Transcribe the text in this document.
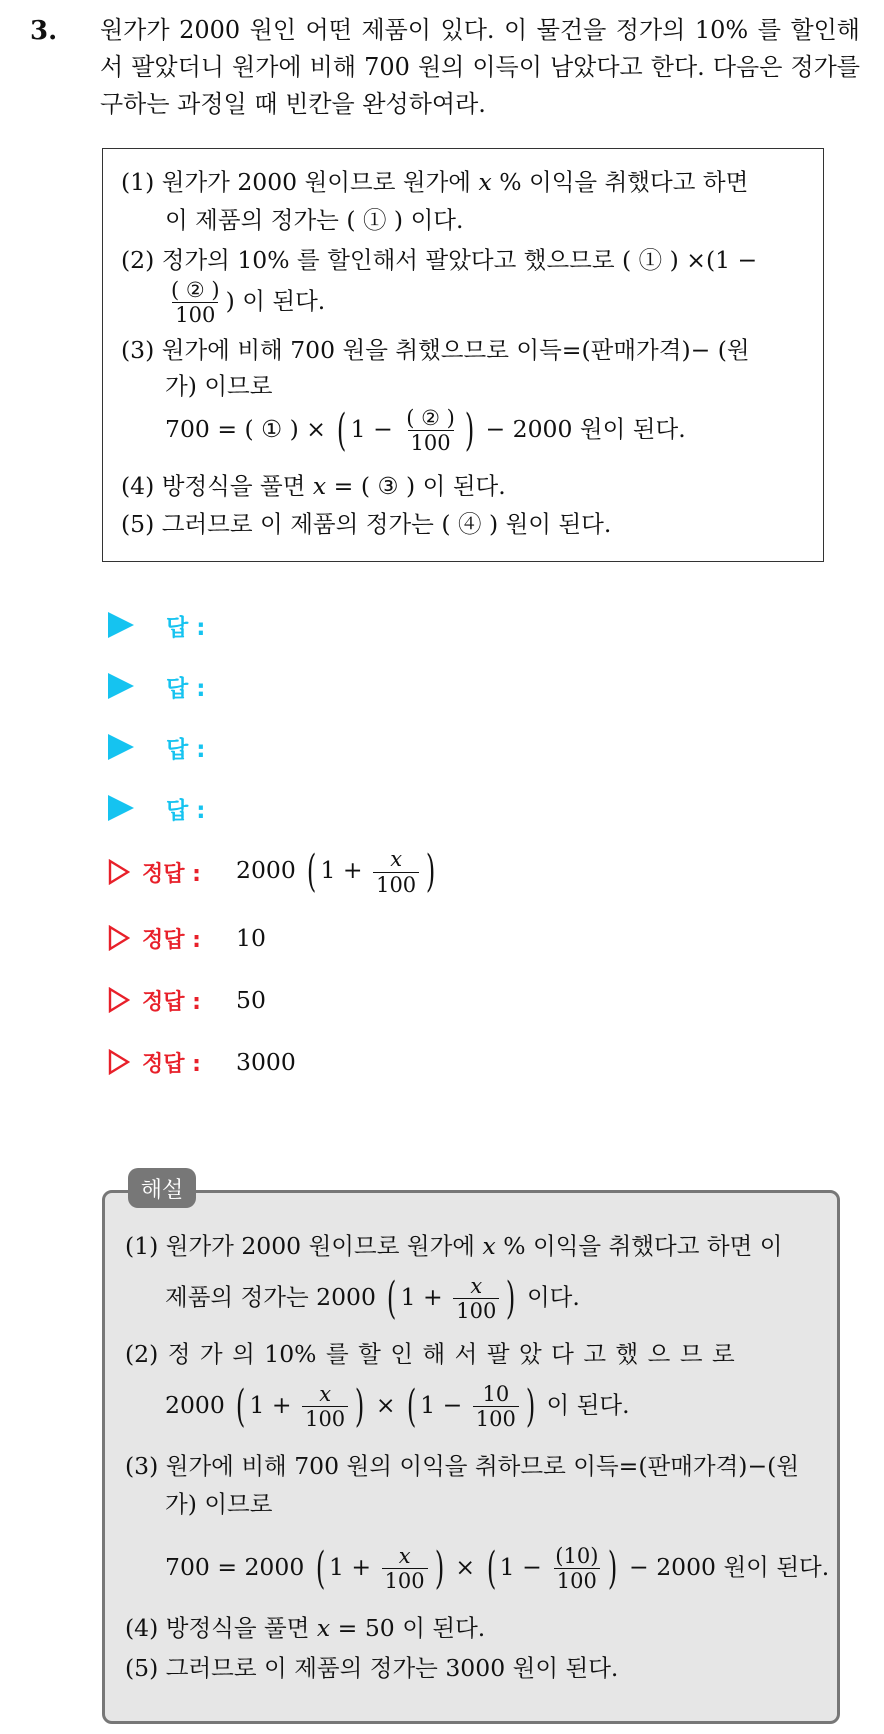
3. 원가가 2000 원인 어떤 제품이 있다. 이 물건을 정가의 10% 를 할인해서 팔았더니 원가에 비해 700 원의 이득이 남았다고 한다. 다음은 정가를 구하는 과정일 때 빈칸을 완성하여라.
(1) 원가가 2000 원이므로 원가에 x % 이익을 취했다고 하면
이 제품의 정가는 ( ① ) 이다.
(2) 정가의 10% 를 할인해서 팔았다고 했으므로 ( ① ) ×(1 −
$\frac{\text{( ② )}}{100}$ ) 이 된다.
(3) 원가에 비해 700 원을 취했으므로 이득=(판매가격)− (원
가) 이므로
700 = ( ① ) × ( $1 - \frac{\text{( ② )}}{100}$ ) − 2000 원이 된다.
(4) 방정식을 풀면 x = ( ③ ) 이 된다.
(5) 그러므로 이 제품의 정가는 ( ④ ) 원이 된다.
답 :
답 :
답 :
답 :
정답 :	2000 ( $1 + \frac{x}{100}$ )
정답 :	10
정답 :	50
정답 :	3000
(1) 원가가 2000 원이므로 원가에 x % 이익을 취했다고 하면 이
제품의 정가는 2000 ( $1 + \frac{x}{100}$ ) 이다.
(2) 정 가 의 10% 를 할 인 해 서 팔 았 다 고 했 으 므 로
2000 ( $1 + \frac{x}{100}$ ) × ( $1 - \frac{10}{100}$ ) 이 된다.
(3) 원가에 비해 700 원의 이익을 취하므로 이득=(판매가격)−(원
가) 이므로
700 = 2000 ( $1 + \frac{x}{100}$ ) × ( $1 - \frac{(10)}{100}$ ) − 2000 원이 된다.
(4) 방정식을 풀면 x = 50 이 된다.
(5) 그러므로 이 제품의 정가는 3000 원이 된다.
해설
